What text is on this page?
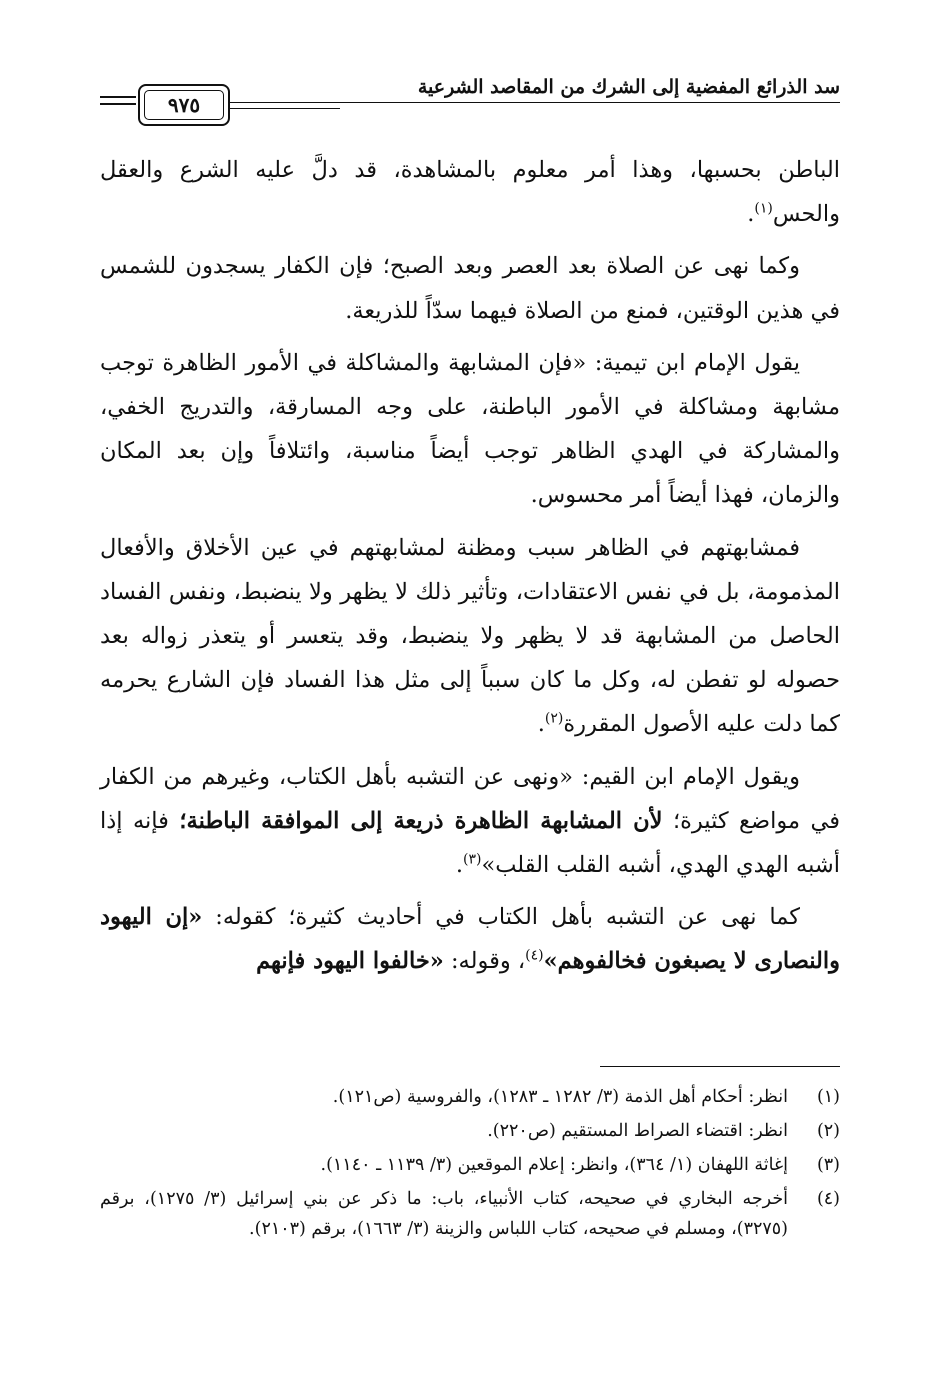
سد الذرائع المفضية إلى الشرك من المقاصد الشرعية
٩٧٥

الباطن بحسبها، وهذا أمر معلوم بالمشاهدة، قد دلَّ عليه الشرع والعقل والحس$^{(١)}$.

وكما نهى عن الصلاة بعد العصر وبعد الصبح؛ فإن الكفار يسجدون للشمس في هذين الوقتين، فمنع من الصلاة فيهما سدّاً للذريعة.

يقول الإمام ابن تيمية: «فإن المشابهة والمشاكلة في الأمور الظاهرة توجب مشابهة ومشاكلة في الأمور الباطنة، على وجه المسارقة، والتدريج الخفي، والمشاركة في الهدي الظاهر توجب أيضاً مناسبة، وائتلافاً وإن بعد المكان والزمان، فهذا أيضاً أمر محسوس.

فمشابهتهم في الظاهر سبب ومظنة لمشابهتهم في عين الأخلاق والأفعال المذمومة، بل في نفس الاعتقادات، وتأثير ذلك لا يظهر ولا ينضبط، ونفس الفساد الحاصل من المشابهة قد لا يظهر ولا ينضبط، وقد يتعسر أو يتعذر زواله بعد حصوله لو تفطن له، وكل ما كان سبباً إلى مثل هذا الفساد فإن الشارع يحرمه كما دلت عليه الأصول المقررة$^{(٢)}$.

ويقول الإمام ابن القيم: «ونهى عن التشبه بأهل الكتاب، وغيرهم من الكفار في مواضع كثيرة؛ لأن المشابهة الظاهرة ذريعة إلى الموافقة الباطنة؛ فإنه إذا أشبه الهدي الهدي، أشبه القلب القلب»$^{(٣)}$.

كما نهى عن التشبه بأهل الكتاب في أحاديث كثيرة؛ كقوله: «إن اليهود والنصارى لا يصبغون فخالفوهم»$^{(٤)}$، وقوله: «خالفوا اليهود فإنهم

(١)
انظر: أحكام أهل الذمة (٣/ ١٢٨٢ ـ ١٢٨٣)، والفروسية (ص١٢١).
(٢)
انظر: اقتضاء الصراط المستقيم (ص٢٢٠).
(٣)
إغاثة اللهفان (١/ ٣٦٤)، وانظر: إعلام الموقعين (٣/ ١١٣٩ ـ ١١٤٠).
(٤)
أخرجه البخاري في صحيحه، كتاب الأنبياء، باب: ما ذكر عن بني إسرائيل (٣/ ١٢٧٥)، برقم (٣٢٧٥)، ومسلم في صحيحه، كتاب اللباس والزينة (٣/ ١٦٦٣)، برقم (٢١٠٣).
